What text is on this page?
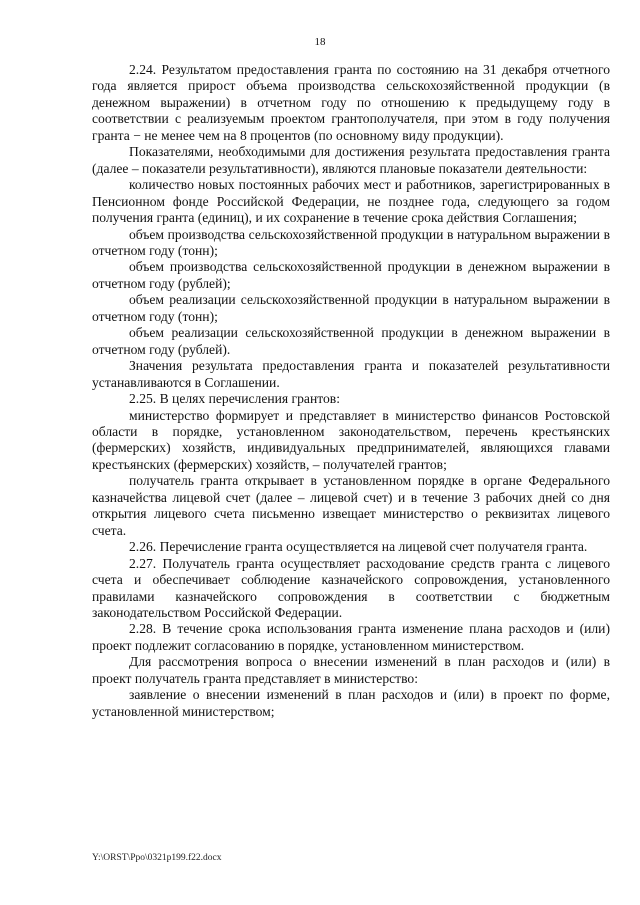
18

2.24. Результатом предоставления гранта по состоянию на 31 декабря отчетного года является прирост объема производства сельскохозяйственной продукции (в денежном выражении) в отчетном году по отношению к предыдущему году в соответствии с реализуемым проектом грантополучателя, при этом в году получения гранта − не менее чем на 8 процентов (по основному виду продукции).

Показателями, необходимыми для достижения результата предоставления гранта (далее – показатели результативности), являются плановые показатели деятельности:

количество новых постоянных рабочих мест и работников, зарегистрированных в Пенсионном фонде Российской Федерации, не позднее года, следующего за годом получения гранта (единиц), и их сохранение в течение срока действия Соглашения;

объем производства сельскохозяйственной продукции в натуральном выражении в отчетном году (тонн);

объем производства сельскохозяйственной продукции в денежном выражении в отчетном году (рублей);

объем реализации сельскохозяйственной продукции в натуральном выражении в отчетном году (тонн);

объем реализации сельскохозяйственной продукции в денежном выражении в отчетном году (рублей).

Значения результата предоставления гранта и показателей результативности устанавливаются в Соглашении.

2.25. В целях перечисления грантов:

министерство формирует и представляет в министерство финансов Ростовской области в порядке, установленном законодательством, перечень крестьянских (фермерских) хозяйств, индивидуальных предпринимателей, являющихся главами крестьянских (фермерских) хозяйств, – получателей грантов;

получатель гранта открывает в установленном порядке в органе Федерального казначейства лицевой счет (далее – лицевой счет) и в течение 3 рабочих дней со дня открытия лицевого счета письменно извещает министерство о реквизитах лицевого счета.

2.26. Перечисление гранта осуществляется на лицевой счет получателя гранта.

2.27. Получатель гранта осуществляет расходование средств гранта с лицевого счета и обеспечивает соблюдение казначейского сопровождения, установленного правилами казначейского сопровождения в соответствии с бюджетным законодательством Российской Федерации.

2.28. В течение срока использования гранта изменение плана расходов и (или) проект подлежит согласованию в порядке, установленном министерством.

Для рассмотрения вопроса о внесении изменений в план расходов и (или) в проект получатель гранта представляет в министерство:

заявление о внесении изменений в план расходов и (или) в проект по форме, установленной министерством;

Y:\ORST\Ppo\0321p199.f22.docx
